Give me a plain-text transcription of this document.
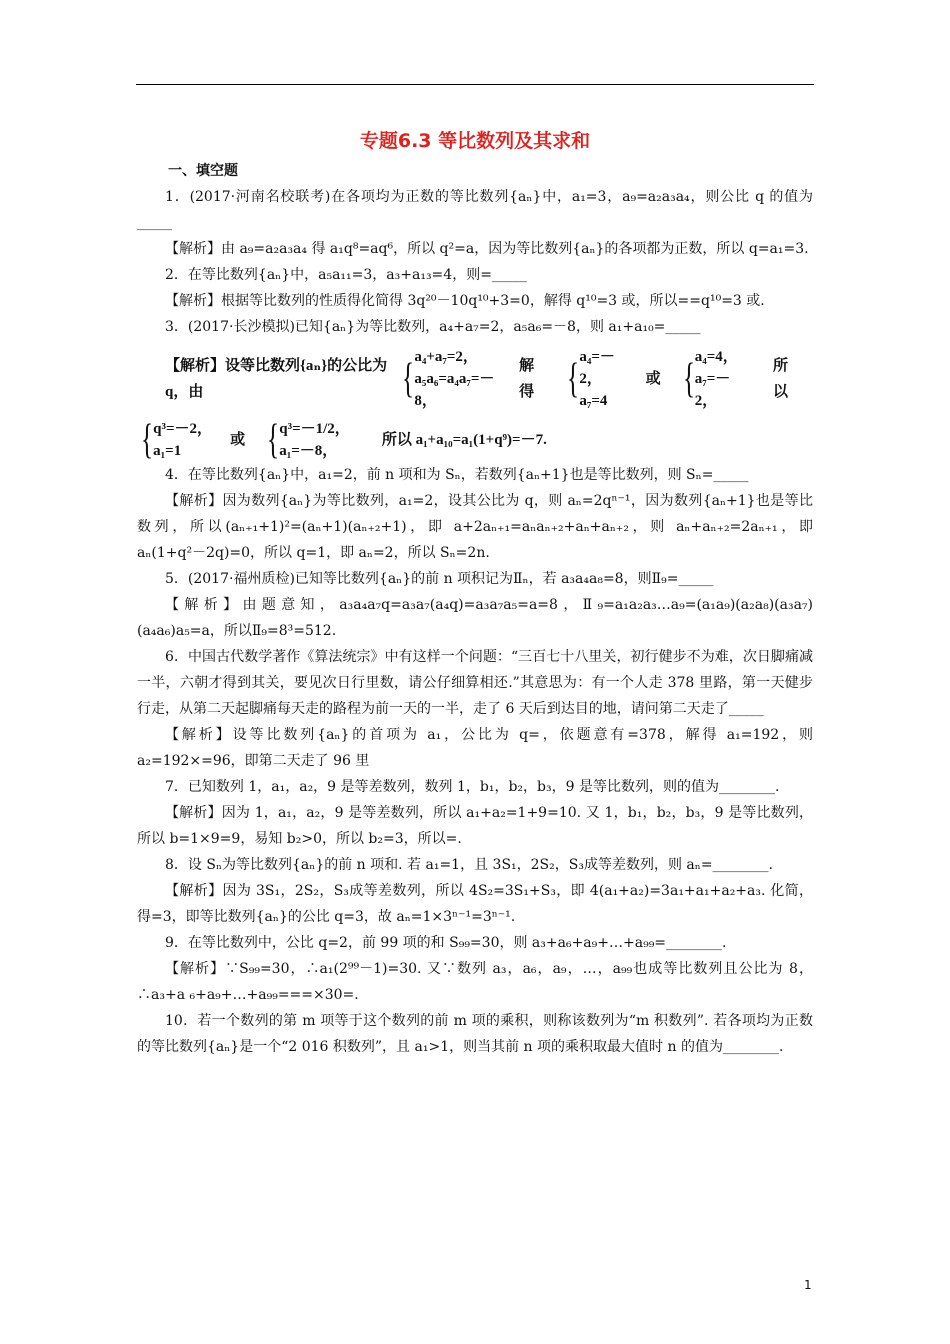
专题6.3 等比数列及其求和
一、填空题

1．(2017·河南名校联考)在各项均为正数的等比数列{aₙ}中，a₁=3，a₉=a₂a₃a₄，则公比 q 的值为_____

【解析】由 a₉=a₂a₃a₄ 得 a₁q⁸=aq⁶，所以 q²=a，因为等比数列{aₙ}的各项都为正数，所以 q=a₁=3.

2．在等比数列{aₙ}中，a₅a₁₁=3，a₃+a₁₃=4，则=_____

【解析】根据等比数列的性质得化简得 3q²⁰－10q¹⁰+3=0，解得 q¹⁰=3 或，所以==q¹⁰=3 或.

3．(2017·长沙模拟)已知{aₙ}为等比数列，a₄+a₇=2，a₅a₆=－8，则 a₁+a₁₀=_____

【解析】设等比数列{aₙ}的公比为 q，由	{ a₄+a₇=2，
a₅a₆=a₄a₇=－8，
解得 { a₄=－2，
a₇=4
或 { a₄=4，
a₇=－2，
所以
{ q³=－2，
a₁=1
或 { q³=－1/2，
a₁=－8，
所以 a₁+a₁₀=a₁(1+q⁹)=－7.

4．在等比数列{aₙ}中，a₁=2，前 n 项和为 Sₙ，若数列{aₙ+1}也是等比数列，则 Sₙ=_____

【解析】因为数列{aₙ}为等比数列，a₁=2，设其公比为 q，则 aₙ=2qⁿ⁻¹，因为数列{aₙ+1}也是等比数列，所以(aₙ₊₁+1)²=(aₙ+1)(aₙ₊₂+1)，即 a+2aₙ₊₁=aₙaₙ₊₂+aₙ+aₙ₊₂，则 aₙ+aₙ₊₂=2aₙ₊₁，即 aₙ(1+q²－2q)=0，所以 q=1，即 aₙ=2，所以 Sₙ=2n.

5．(2017·福州质检)已知等比数列{aₙ}的前 n 项积记为Ⅱₙ，若 a₃a₄a₈=8，则Ⅱ₉=_____

【解析】由题意知，a₃a₄a₇q=a₃a₇(a₄q)=a₃a₇a₅=a=8，Ⅱ₉=a₁a₂a₃…a₉=(a₁a₉)(a₂a₈)(a₃a₇)(a₄a₆)a₅=a，所以Ⅱ₉=8³=512.

6．中国古代数学著作《算法统宗》中有这样一个问题：“三百七十八里关，初行健步不为难，次日脚痛减一半，六朝才得到其关，要见次日行里数，请公仔细算相还.”其意思为：有一个人走 378 里路，第一天健步行走，从第二天起脚痛每天走的路程为前一天的一半，走了 6 天后到达目的地，请问第二天走了_____

【解析】设等比数列{aₙ}的首项为 a₁，公比为 q=，依题意有=378，解得 a₁=192，则 a₂=192×=96，即第二天走了 96 里

7．已知数列 1，a₁，a₂，9 是等差数列，数列 1，b₁，b₂，b₃，9 是等比数列，则的值为________.

【解析】因为 1，a₁，a₂，9 是等差数列，所以 a₁+a₂=1+9=10. 又 1，b₁，b₂，b₃，9 是等比数列，所以 b=1×9=9，易知 b₂>0，所以 b₂=3，所以=.

8．设 Sₙ为等比数列{aₙ}的前 n 项和. 若 a₁=1，且 3S₁，2S₂，S₃成等差数列，则 aₙ=________.

【解析】因为 3S₁，2S₂，S₃成等差数列，所以 4S₂=3S₁+S₃，即 4(a₁+a₂)=3a₁+a₁+a₂+a₃. 化简，得=3，即等比数列{aₙ}的公比 q=3，故 aₙ=1×3ⁿ⁻¹=3ⁿ⁻¹.

9．在等比数列中，公比 q=2，前 99 项的和 S₉₉=30，则 a₃+a₆+a₉+…+a₉₉=________.

【解析】∵S₉₉=30，∴a₁(2⁹⁹－1)=30. 又∵数列 a₃，a₆，a₉，…，a₉₉也成等比数列且公比为 8，∴a₃+a ₆+a₉+…+a₉₉===×30=.

10．若一个数列的第 m 项等于这个数列的前 m 项的乘积，则称该数列为“m 积数列”. 若各项均为正数的等比数列{aₙ}是一个“2 016 积数列”，且 a₁>1，则当其前 n 项的乘积取最大值时 n 的值为________.

1
